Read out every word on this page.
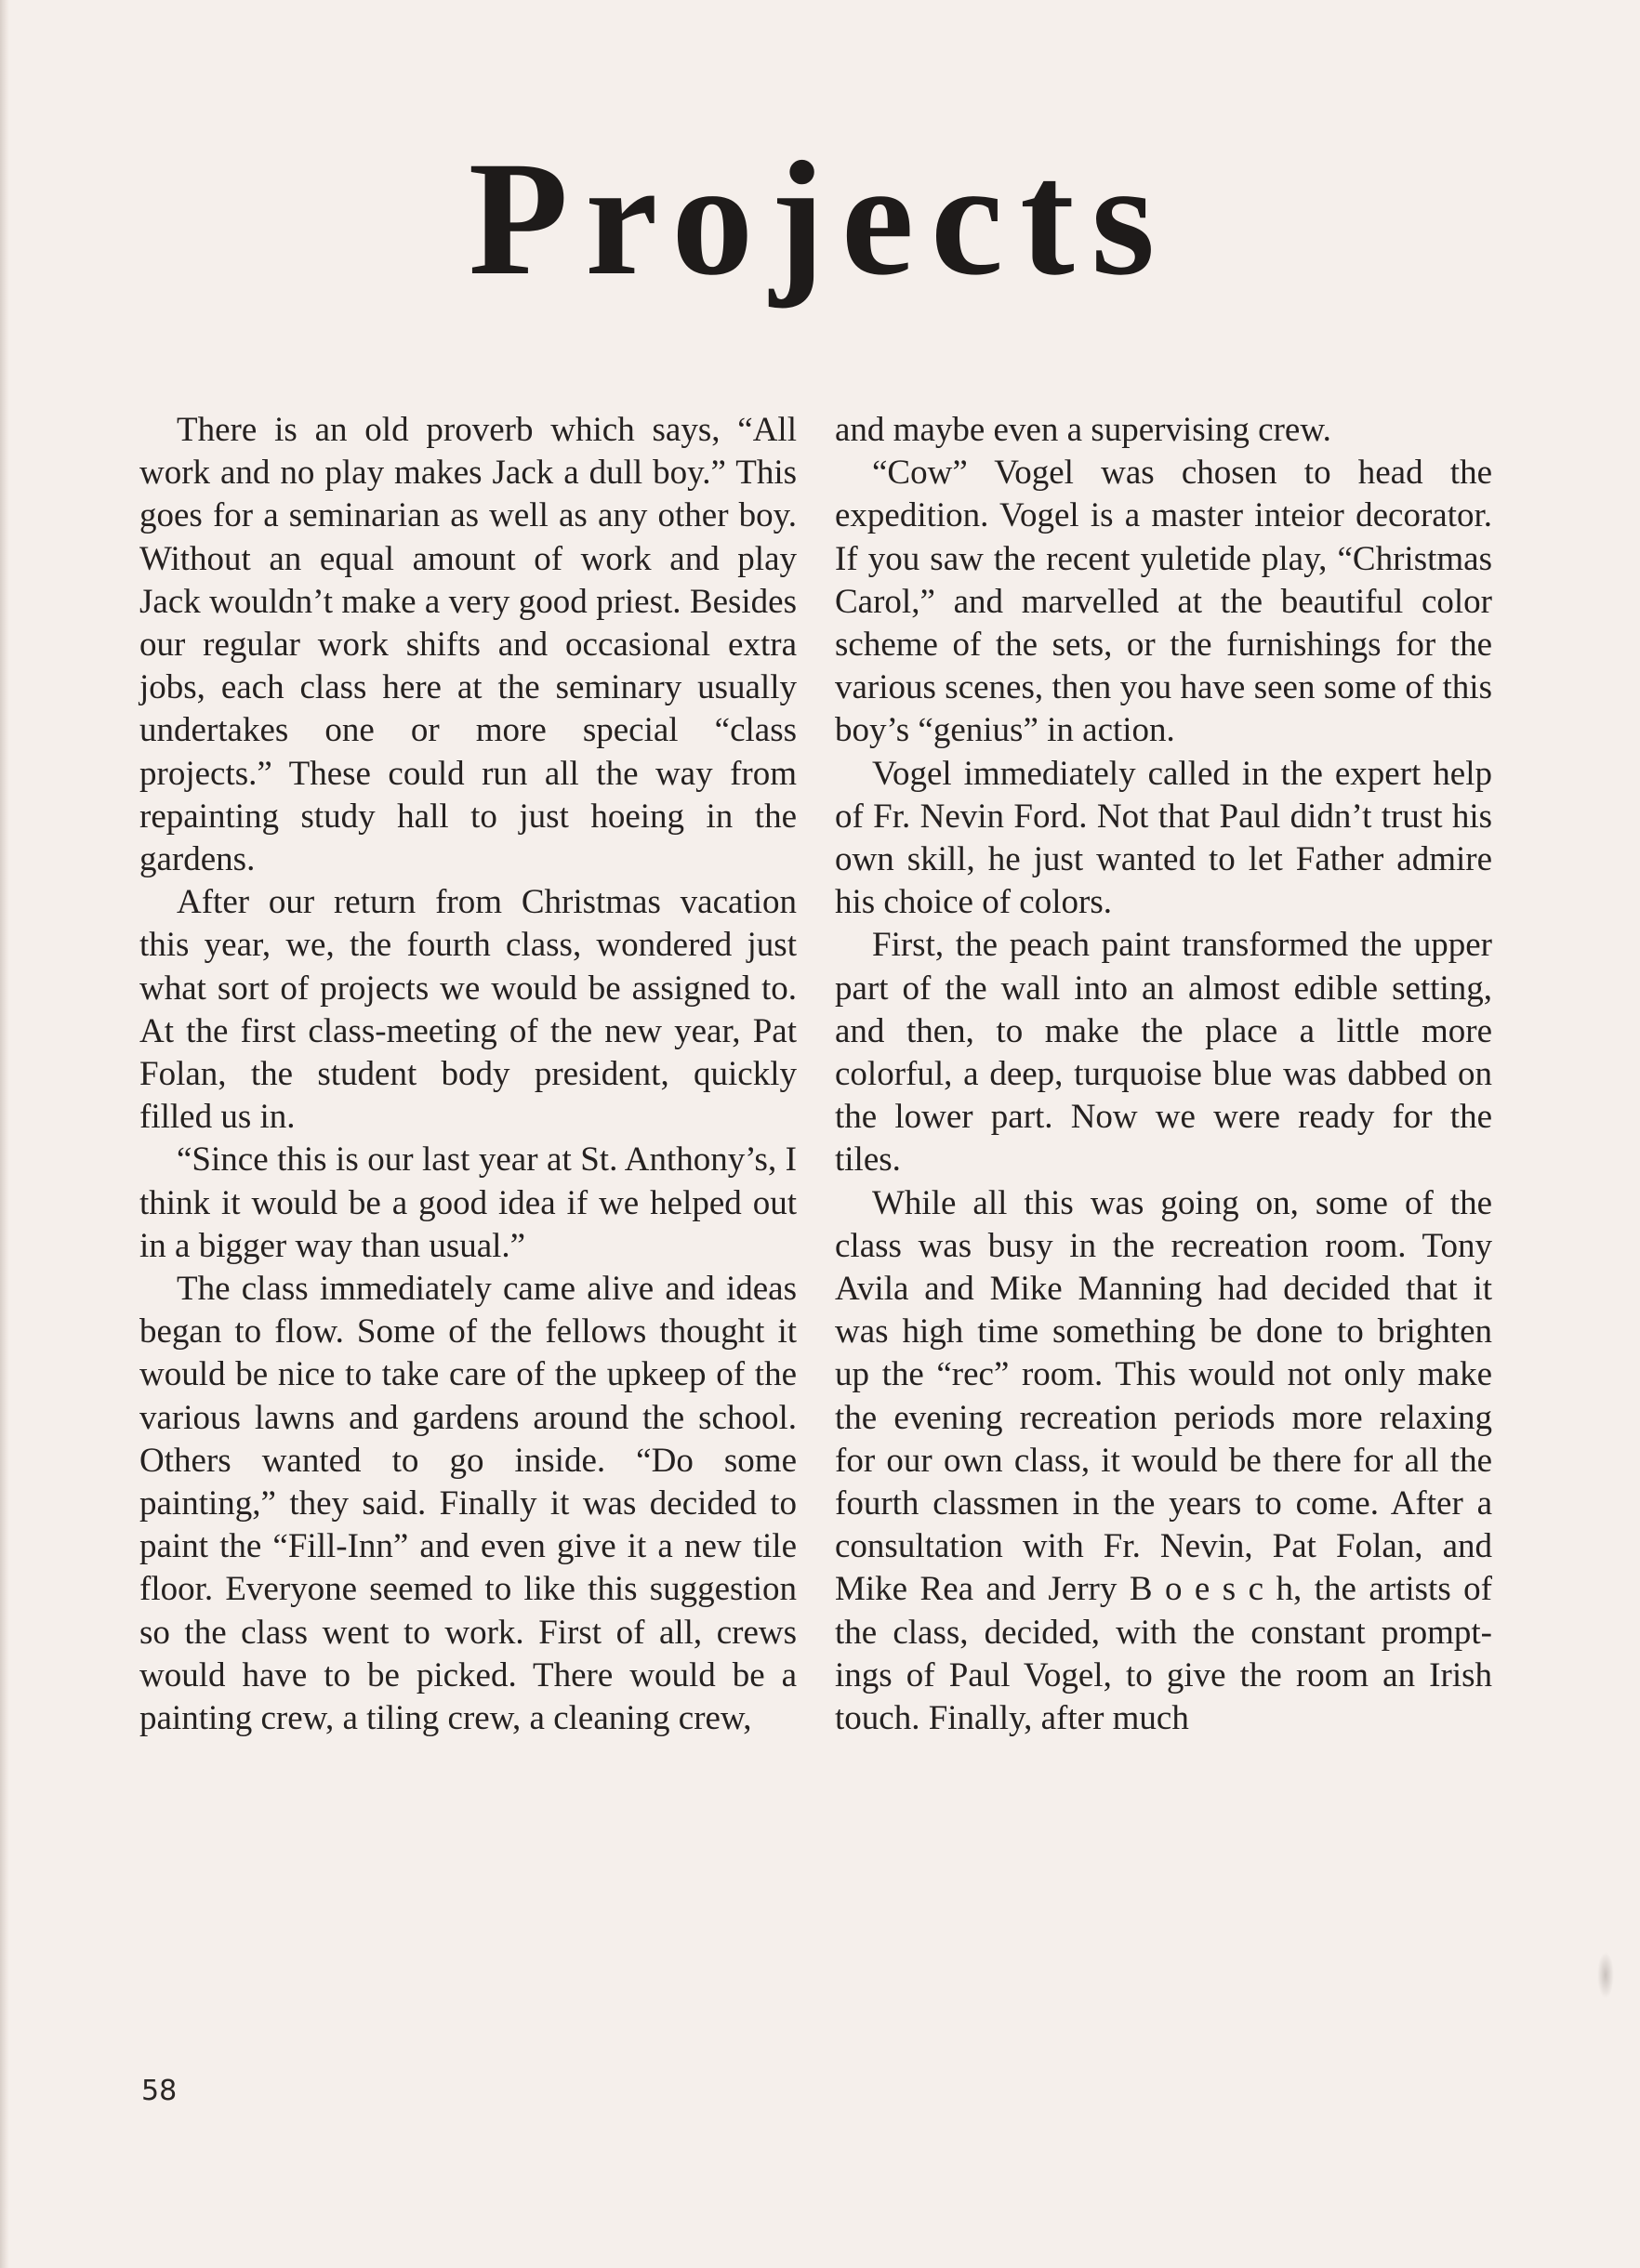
Projects

There is an old proverb which says, “All work and no play makes Jack a dull boy.” This goes for a seminarian as well as any other boy. Without an equal amount of work and play Jack wouldn’t make a very good priest. Besides our regular work shifts and occasional extra jobs, each class here at the seminary usually undertakes one or more special “class projects.” These could run all the way from repainting study hall to just hoeing in the gardens.

After our return from Christmas vacation this year, we, the fourth class, wondered just what sort of projects we would be assigned to. At the first class-meeting of the new year, Pat Folan, the student body president, quickly filled us in.

“Since this is our last year at St. Anthony’s, I think it would be a good idea if we helped out in a bigger way than usual.”

The class immediately came alive and ideas began to flow. Some of the fellows thought it would be nice to take care of the upkeep of the various lawns and gardens around the school. Others wanted to go inside. “Do some painting,” they said. Finally it was decided to paint the “Fill-Inn” and even give it a new tile floor. Everyone seemed to like this suggestion so the class went to work. First of all, crews would have to be picked. There would be a painting crew, a tiling crew, a cleaning crew,

and maybe even a supervising crew.

“Cow” Vogel was chosen to head the expedition. Vogel is a master inteior decorator. If you saw the recent yuletide play, “Christmas Carol,” and marvelled at the beautiful color scheme of the sets, or the furnishings for the various scenes, then you have seen some of this boy’s “genius” in action.

Vogel immediately called in the expert help of Fr. Nevin Ford. Not that Paul didn’t trust his own skill, he just wanted to let Father admire his choice of colors.

First, the peach paint transformed the upper part of the wall into an almost edible setting, and then, to make the place a little more colorful, a deep, turquoise blue was dabbed on the lower part. Now we were ready for the tiles.

While all this was going on, some of the class was busy in the recreation room. Tony Avila and Mike Manning had decided that it was high time something be done to brighten up the “rec” room. This would not only make the evening recreation periods more relaxing for our own class, it would be there for all the fourth classmen in the years to come. After a consultation with Fr. Nevin, Pat Folan, and Mike Rea and Jerry B o e s c h, the artists of the class, decided, with the constant promptings of Paul Vogel, to give the room an Irish touch. Finally, after much

58
